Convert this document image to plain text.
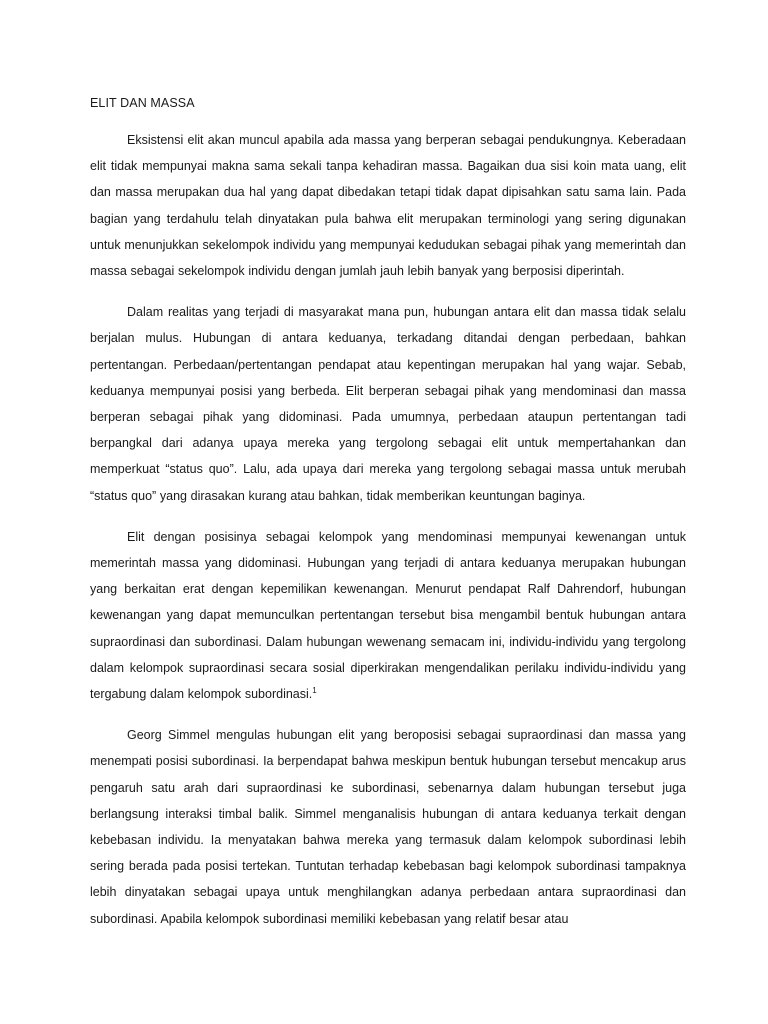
ELIT DAN MASSA

Eksistensi elit akan muncul apabila ada massa yang berperan sebagai pendukungnya. Keberadaan elit tidak mempunyai makna sama sekali tanpa kehadiran massa. Bagaikan dua sisi koin mata uang, elit dan massa merupakan dua hal yang dapat dibedakan tetapi tidak dapat dipisahkan satu sama lain. Pada bagian yang terdahulu telah dinyatakan pula bahwa elit merupakan terminologi yang sering digunakan untuk menunjukkan sekelompok individu yang mempunyai kedudukan sebagai pihak yang memerintah dan massa sebagai sekelompok individu dengan jumlah jauh lebih banyak yang berposisi diperintah.

Dalam realitas yang terjadi di masyarakat mana pun, hubungan antara elit dan massa tidak selalu berjalan mulus. Hubungan di antara keduanya, terkadang ditandai dengan perbedaan, bahkan pertentangan. Perbedaan/pertentangan pendapat atau kepentingan merupakan hal yang wajar. Sebab, keduanya mempunyai posisi yang berbeda. Elit berperan sebagai pihak yang mendominasi dan massa berperan sebagai pihak yang didominasi. Pada umumnya, perbedaan ataupun pertentangan tadi berpangkal dari adanya upaya mereka yang tergolong sebagai elit untuk mempertahankan dan memperkuat “status quo”. Lalu, ada upaya dari mereka yang tergolong sebagai massa untuk merubah “status quo” yang dirasakan kurang atau bahkan, tidak memberikan keuntungan baginya.

Elit dengan posisinya sebagai kelompok yang mendominasi mempunyai kewenangan untuk memerintah massa yang didominasi. Hubungan yang terjadi di antara keduanya merupakan hubungan yang berkaitan erat dengan kepemilikan kewenangan. Menurut pendapat Ralf Dahrendorf, hubungan kewenangan yang dapat memunculkan pertentangan tersebut bisa mengambil bentuk hubungan antara supraordinasi dan subordinasi. Dalam hubungan wewenang semacam ini, individu-individu yang tergolong dalam kelompok supraordinasi secara sosial diperkirakan mengendalikan perilaku individu-individu yang tergabung dalam kelompok subordinasi.$^1$

Georg Simmel mengulas hubungan elit yang beroposisi sebagai supraordinasi dan massa yang menempati posisi subordinasi. Ia berpendapat bahwa meskipun bentuk hubungan tersebut mencakup arus pengaruh satu arah dari supraordinasi ke subordinasi, sebenarnya dalam hubungan tersebut juga berlangsung interaksi timbal balik. Simmel menganalisis hubungan di antara keduanya terkait dengan kebebasan individu. Ia menyatakan bahwa mereka yang termasuk dalam kelompok subordinasi lebih sering berada pada posisi tertekan. Tuntutan terhadap kebebasan bagi kelompok subordinasi tampaknya lebih dinyatakan sebagai upaya untuk menghilangkan adanya perbedaan antara supraordinasi dan subordinasi. Apabila kelompok subordinasi memiliki kebebasan yang relatif besar atau
